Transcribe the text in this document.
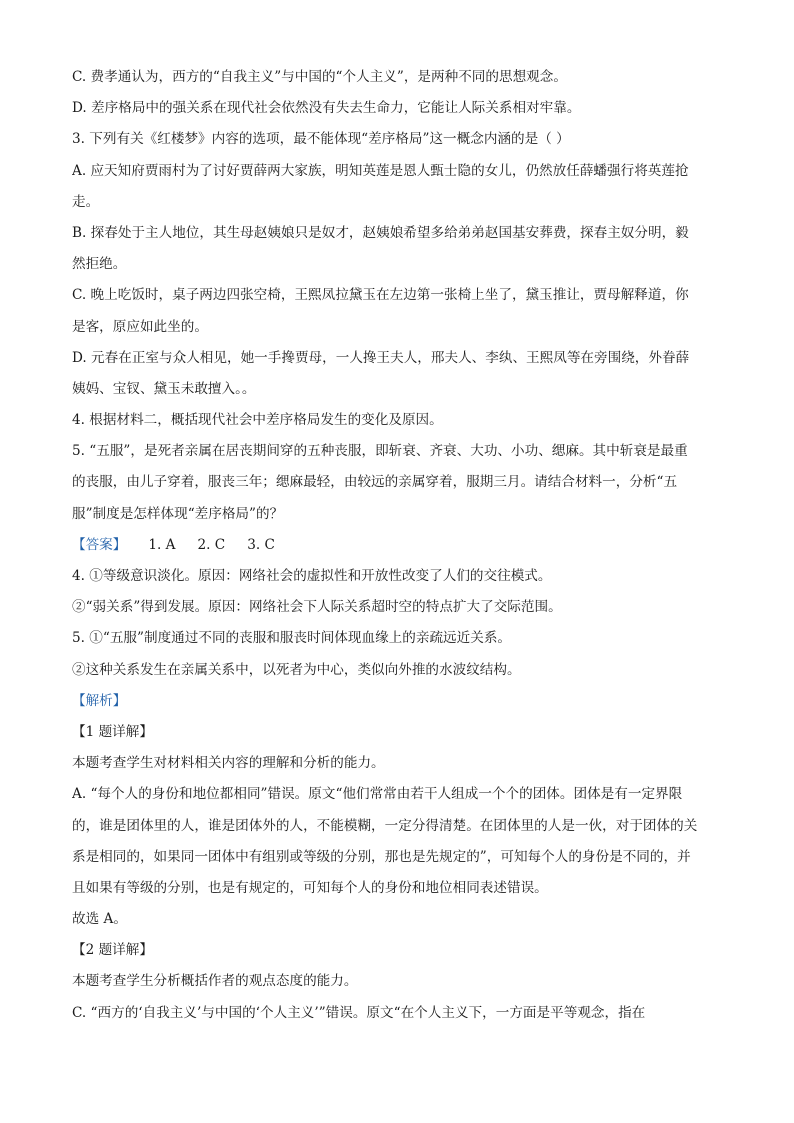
C. 费孝通认为，西方的“自我主义”与中国的“个人主义”，是两种不同的思想观念。
D. 差序格局中的强关系在现代社会依然没有失去生命力，它能让人际关系相对牢靠。
3. 下列有关《红楼梦》内容的选项，最不能体现“差序格局”这一概念内涵的是（ ）
A. 应天知府贾雨村为了讨好贾薛两大家族，明知英莲是恩人甄士隐的女儿，仍然放任薛蟠强行将英莲抢
走。
B. 探春处于主人地位，其生母赵姨娘只是奴才，赵姨娘希望多给弟弟赵国基安葬费，探春主奴分明，毅
然拒绝。
C. 晚上吃饭时，桌子两边四张空椅，王熙凤拉黛玉在左边第一张椅上坐了，黛玉推让，贾母解释道，你
是客，原应如此坐的。
D. 元春在正室与众人相见，她一手搀贾母，一人搀王夫人，邢夫人、李纨、王熙凤等在旁围绕，外眷薛
姨妈、宝钗、黛玉未敢擅入。。
4. 根据材料二，概括现代社会中差序格局发生的变化及原因。
5. “五服”，是死者亲属在居丧期间穿的五种丧服，即斩衰、齐衰、大功、小功、缌麻。其中斩衰是最重
的丧服，由儿子穿着，服丧三年；缌麻最轻，由较远的亲属穿着，服期三月。请结合材料一，分析“五
服”制度是怎样体现“差序格局”的？
【答案】 1. A 2. C 3. C
4. ①等级意识淡化。原因：网络社会的虚拟性和开放性改变了人们的交往模式。
②“弱关系”得到发展。原因：网络社会下人际关系超时空的特点扩大了交际范围。
5. ①“五服”制度通过不同的丧服和服丧时间体现血缘上的亲疏远近关系。
②这种关系发生在亲属关系中，以死者为中心，类似向外推的水波纹结构。
【解析】
【1 题详解】
本题考查学生对材料相关内容的理解和分析的能力。
A. “每个人的身份和地位都相同”错误。原文“他们常常由若干人组成一个个的团体。团体是有一定界限
的，谁是团体里的人，谁是团体外的人，不能模糊，一定分得清楚。在团体里的人是一伙，对于团体的关
系是相同的，如果同一团体中有组别或等级的分别，那也是先规定的”，可知每个人的身份是不同的，并
且如果有等级的分别，也是有规定的，可知每个人的身份和地位相同表述错误。
故选 A。
【2 题详解】
本题考查学生分析概括作者的观点态度的能力。
C. “西方的‘自我主义’与中国的‘个人主义’”错误。原文“在个人主义下，一方面是平等观念，指在
